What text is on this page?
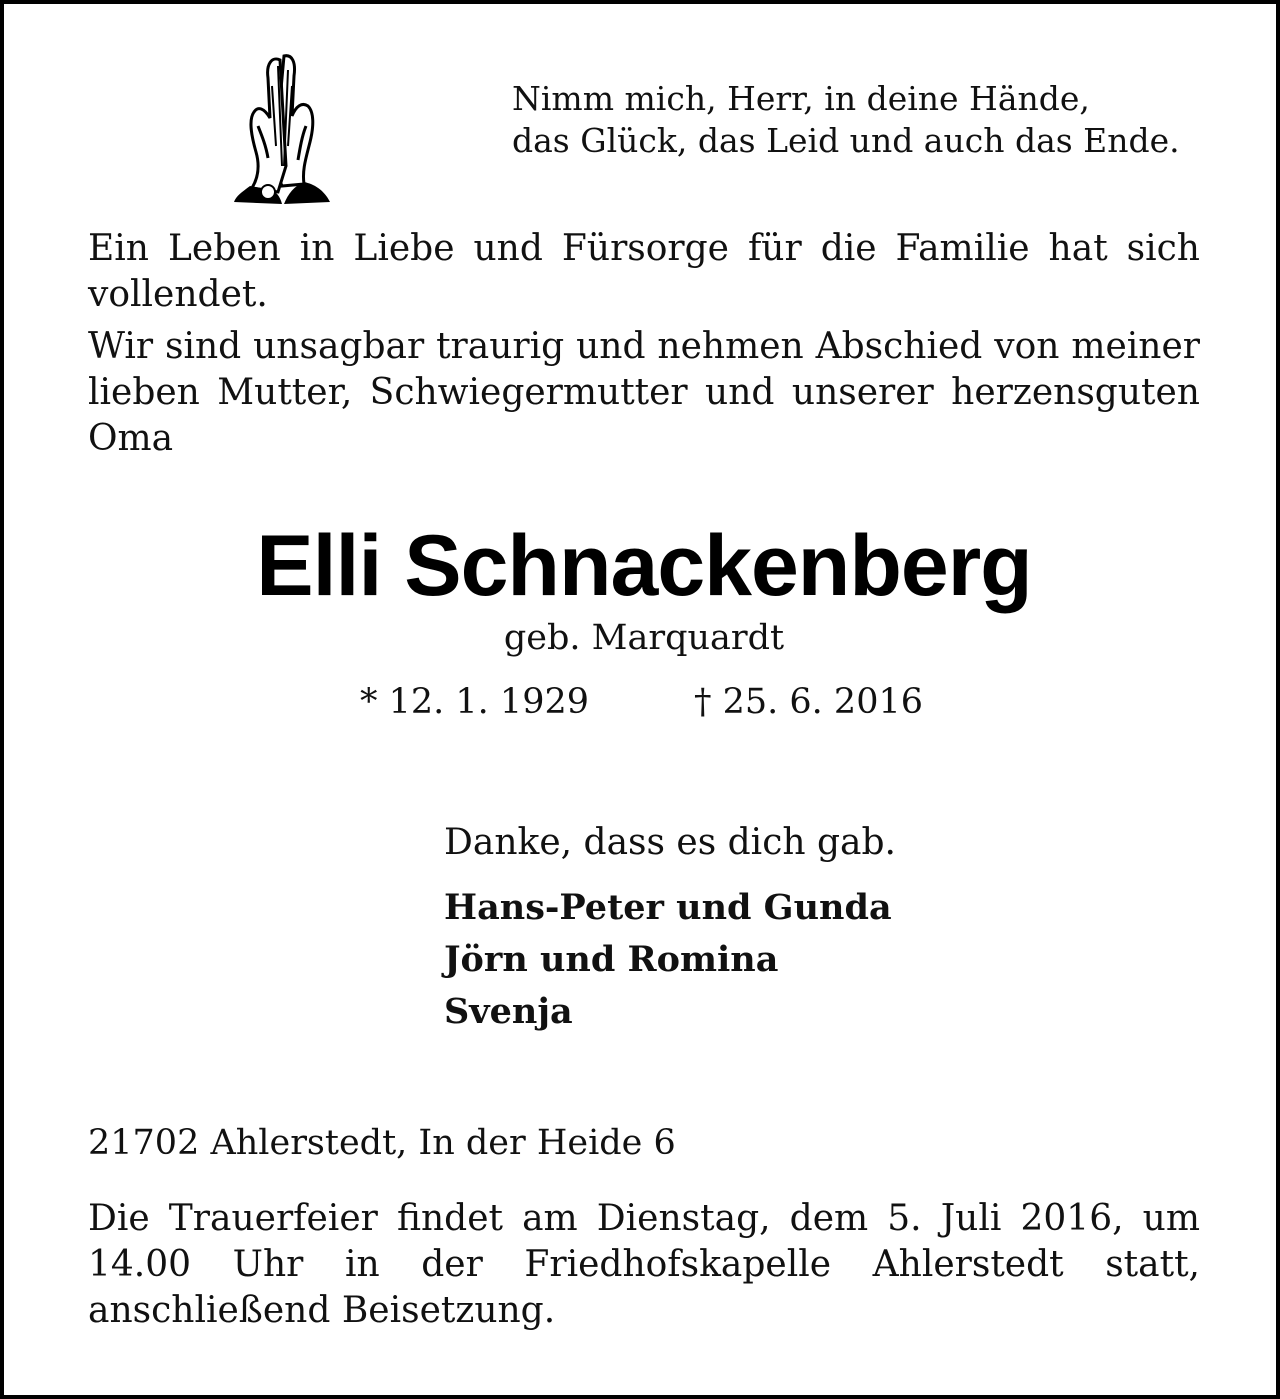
Nimm mich, Herr, in deine Hände,
das Glück, das Leid und auch das Ende.
Ein Leben in Liebe und Fürsorge für die Familie hat sich vollendet.
Wir sind unsagbar traurig und nehmen Abschied von meiner lieben Mutter, Schwiegermutter und unserer herzensguten Oma
Elli Schnackenberg
geb. Marquardt
* 12. 1. 1929	† 25. 6. 2016
Danke, dass es dich gab.
Hans-Peter und Gunda
Jörn und Romina
Svenja
21702 Ahlerstedt, In der Heide 6
Die Trauerfeier findet am Dienstag, dem 5. Juli 2016, um 14.00 Uhr in der Friedhofskapelle Ahlerstedt statt, anschließend Beisetzung.
